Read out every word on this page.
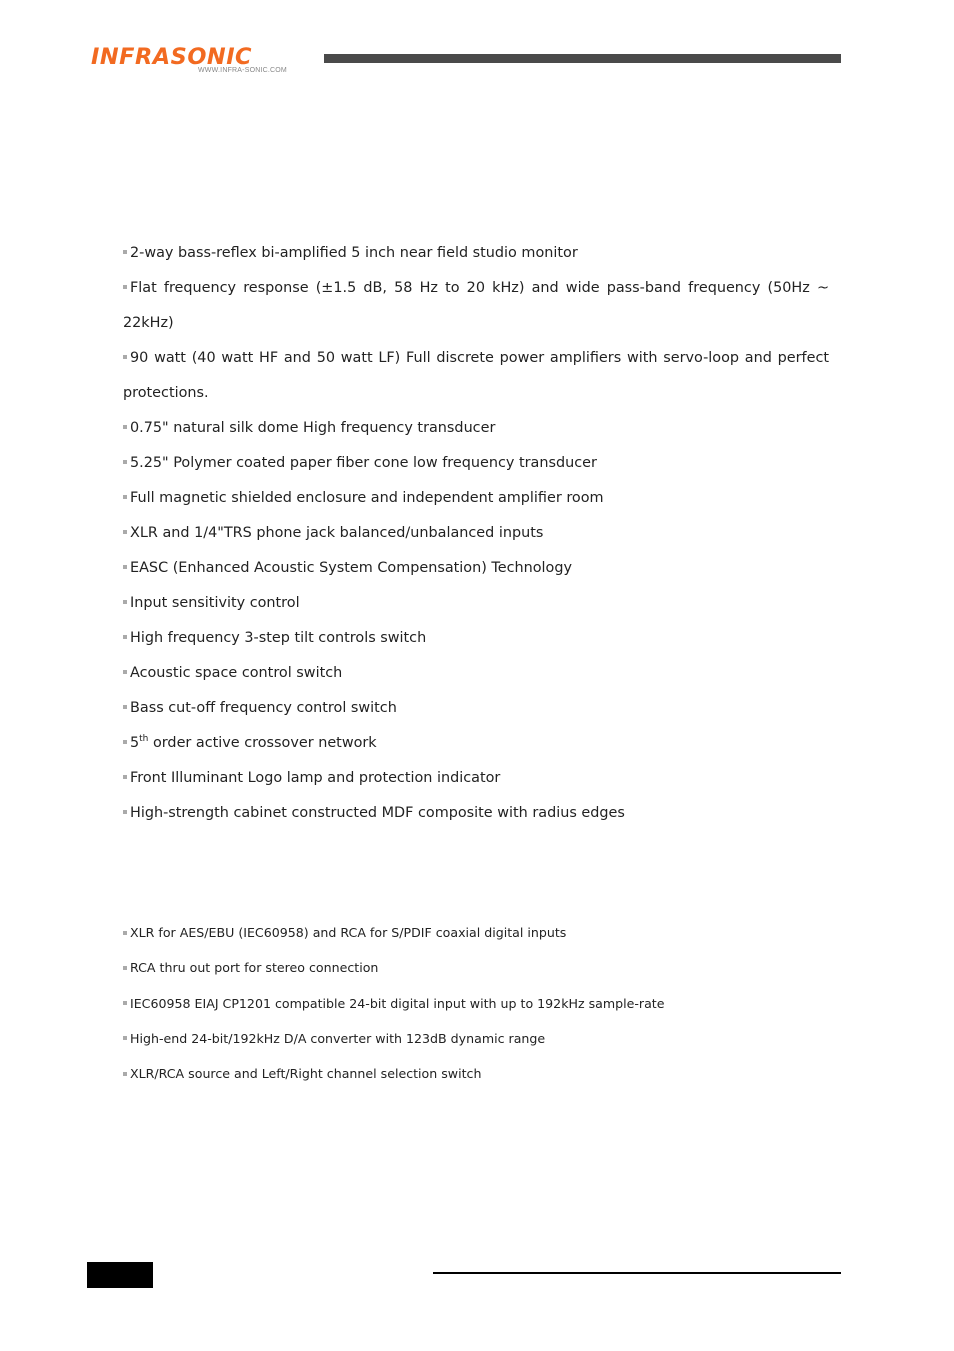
INFRASONIC
WWW.INFRA-SONIC.COM
2-way bass-reflex bi-amplified 5 inch near field studio monitor
Flat frequency response (±1.5 dB, 58 Hz to 20 kHz) and wide pass-band frequency (50Hz ~
22kHz)
90 watt (40 watt HF and 50 watt LF) Full discrete power amplifiers with servo-loop and perfect
protections.
0.75" natural silk dome High frequency transducer
5.25" Polymer coated paper fiber cone low frequency transducer
Full magnetic shielded enclosure and independent amplifier room
XLR and 1/4"TRS phone jack balanced/unbalanced inputs
EASC (Enhanced Acoustic System Compensation) Technology
Input sensitivity control
High frequency 3-step tilt controls switch
Acoustic space control switch
Bass cut-off frequency control switch
5th order active crossover network
Front Illuminant Logo lamp and protection indicator
High-strength cabinet constructed MDF composite with radius edges
XLR for AES/EBU (IEC60958) and RCA for S/PDIF coaxial digital inputs
RCA thru out port for stereo connection
IEC60958 EIAJ CP1201 compatible 24-bit digital input with up to 192kHz sample-rate
High-end 24-bit/192kHz D/A converter with 123dB dynamic range
XLR/RCA source and Left/Right channel selection switch
